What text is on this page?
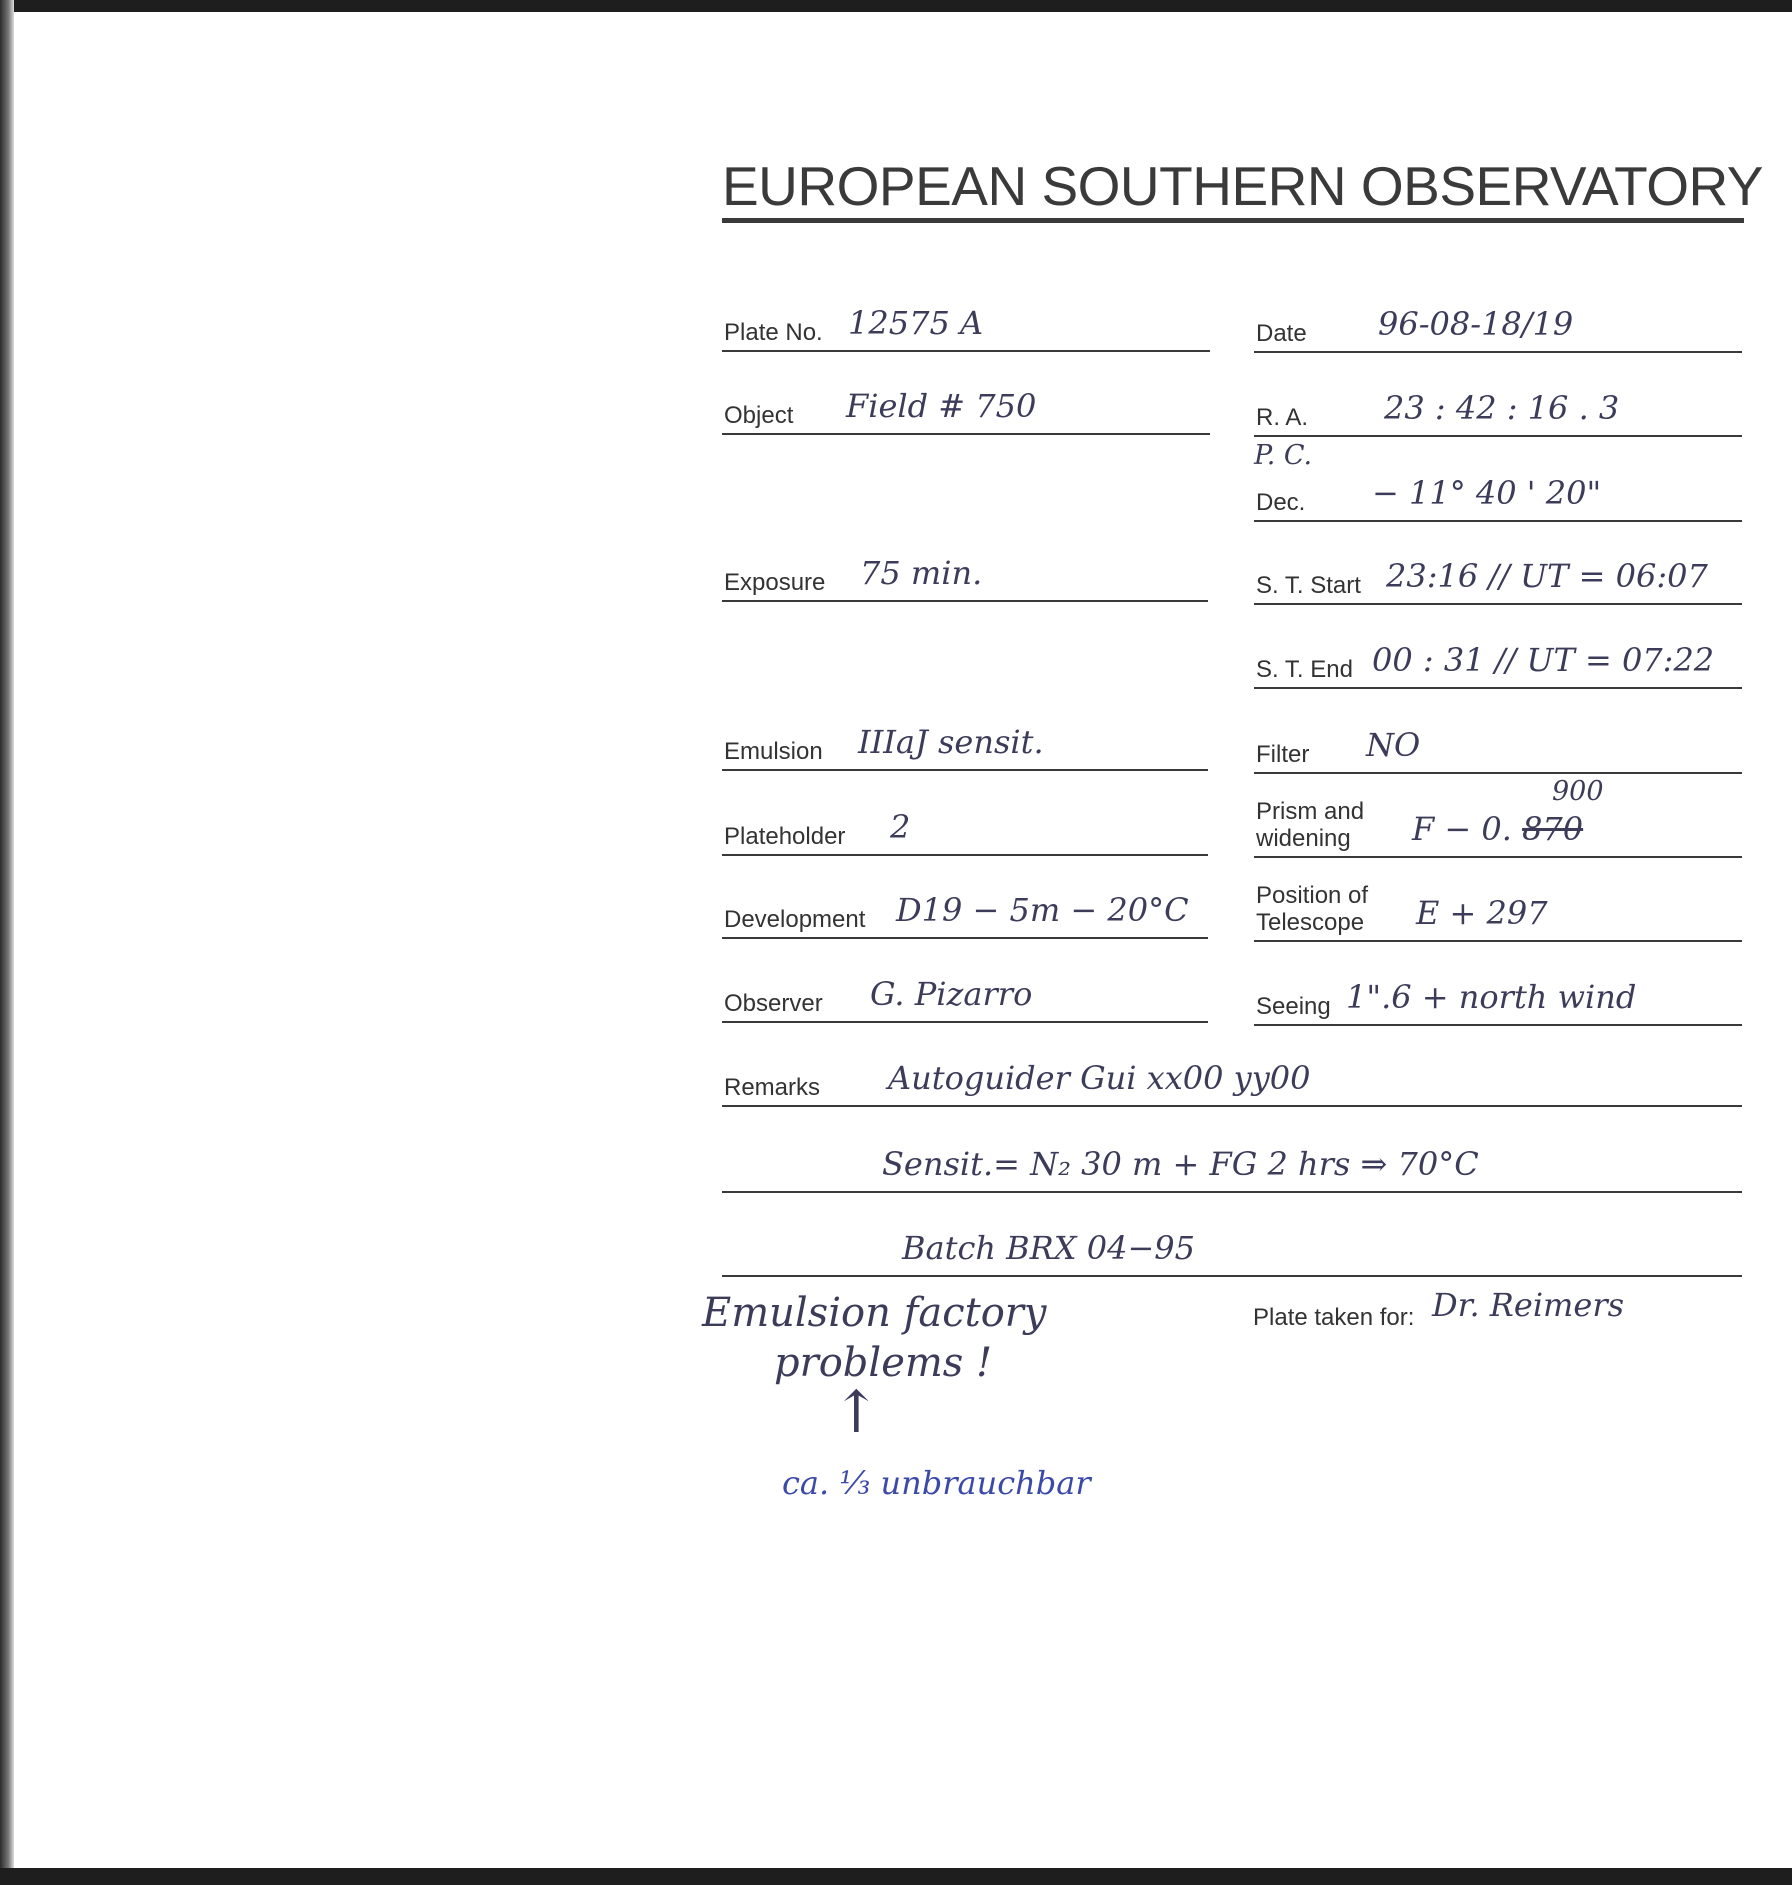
EUROPEAN SOUTHERN OBSERVATORY
Plate No. 12575 A
Object Field # 750
Exposure 75 min.
Emulsion IIIaJ sensit.
Plateholder 2
Development D19 − 5m − 20°C
Observer G. Pizarro
Date 96-08-18/19
R. A. 23 : 42 : 16 . 3
P. C.
Dec. − 11° 40 ' 20"
S. T. Start 23:16 // UT = 06:07
S. T. End 00 : 31 // UT = 07:22
Filter NO
Prism and
widening	F − 0. 870
900
Position of
Telescope E + 297
Seeing 1".6 + north wind
Remarks Autoguider Gui xx00 yy00
Sensit.= N₂ 30 m + FG 2 hrs ⇒ 70°C
Batch BRX 04−95
Plate taken for: Dr. Reimers
Emulsion factory
problems !
↑
ca. ⅓ unbrauchbar
